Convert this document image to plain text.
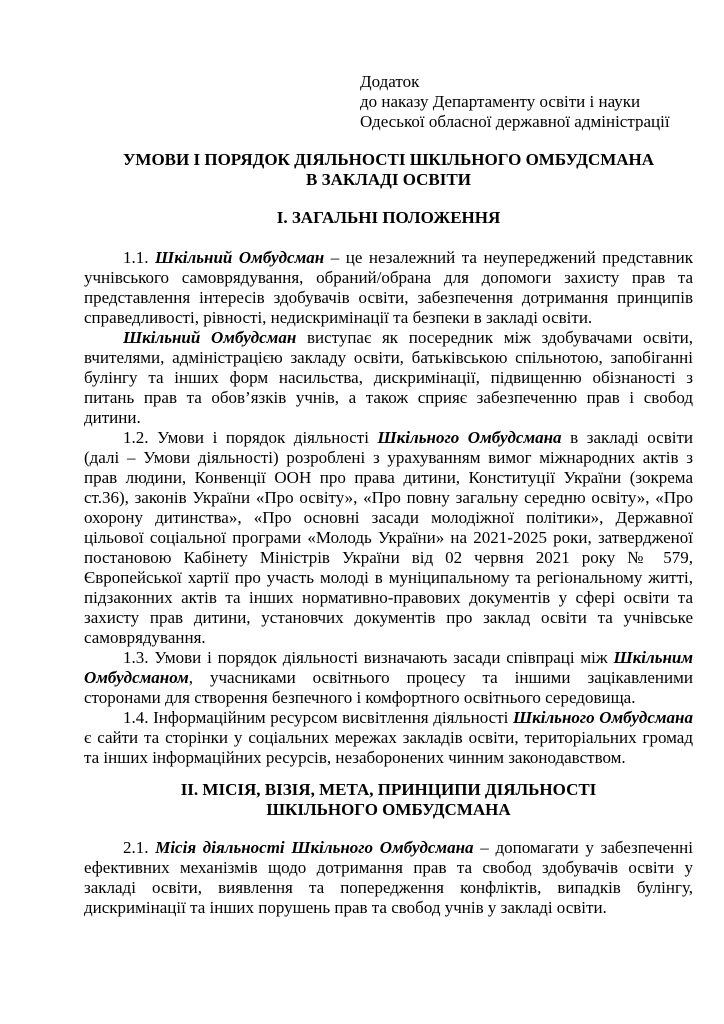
Додаток
до наказу Департаменту освіти і науки
Одеської обласної державної адміністрації
УМОВИ І ПОРЯДОК ДІЯЛЬНОСТІ ШКІЛЬНОГО ОМБУДСМАНА
В ЗАКЛАДІ ОСВІТИ
І. ЗАГАЛЬНІ ПОЛОЖЕННЯ

1.1. Шкільний Омбудсман – це незалежний та неупереджений представник учнівського самоврядування, обраний/обрана для допомоги захисту прав та представлення інтересів здобувачів освіти, забезпечення дотримання принципів справедливості, рівності, недискримінації та безпеки в закладі освіти.

Шкільний Омбудсман виступає як посередник між здобувачами освіти, вчителями, адміністрацією закладу освіти, батьківською спільнотою, запобіганні булінгу та інших форм насильства, дискримінації, підвищенню обізнаності з питань прав та обов’язків учнів, а також сприяє забезпеченню прав і свобод дитини.

1.2. Умови і порядок діяльності Шкільного Омбудсмана в закладі освіти (далі – Умови діяльності) розроблені з урахуванням вимог міжнародних актів з прав людини, Конвенції ООН про права дитини, Конституції України (зокрема ст.36), законів України «Про освіту», «Про повну загальну середню освіту», «Про охорону дитинства», «Про основні засади молодіжної політики», Державної цільової соціальної програми «Молодь України» на 2021-2025 роки, затвердженої постановою Кабінету Міністрів України від 02 червня 2021 року № 579, Європейської хартії про участь молоді в муніципальному та регіональному житті, підзаконних актів та інших нормативно-правових документів у сфері освіти та захисту прав дитини, установчих документів про заклад освіти та учнівське самоврядування.

1.3. Умови і порядок діяльності визначають засади співпраці між Шкільним Омбудсманом, учасниками освітнього процесу та іншими зацікавленими сторонами для створення безпечного і комфортного освітнього середовища.

1.4. Інформаційним ресурсом висвітлення діяльності Шкільного Омбудсмана є сайти та сторінки у соціальних мережах закладів освіти, територіальних громад та інших інформаційних ресурсів, незаборонених чинним законодавством.

ІІ. МІСІЯ, ВІЗІЯ, МЕТА, ПРИНЦИПИ ДІЯЛЬНОСТІ
ШКІЛЬНОГО ОМБУДСМАНА

2.1. Місія діяльності Шкільного Омбудсмана – допомагати у забезпеченні ефективних механізмів щодо дотримання прав та свобод здобувачів освіти у закладі освіти, виявлення та попередження конфліктів, випадків булінгу, дискримінації та інших порушень прав та свобод учнів у закладі освіти.
